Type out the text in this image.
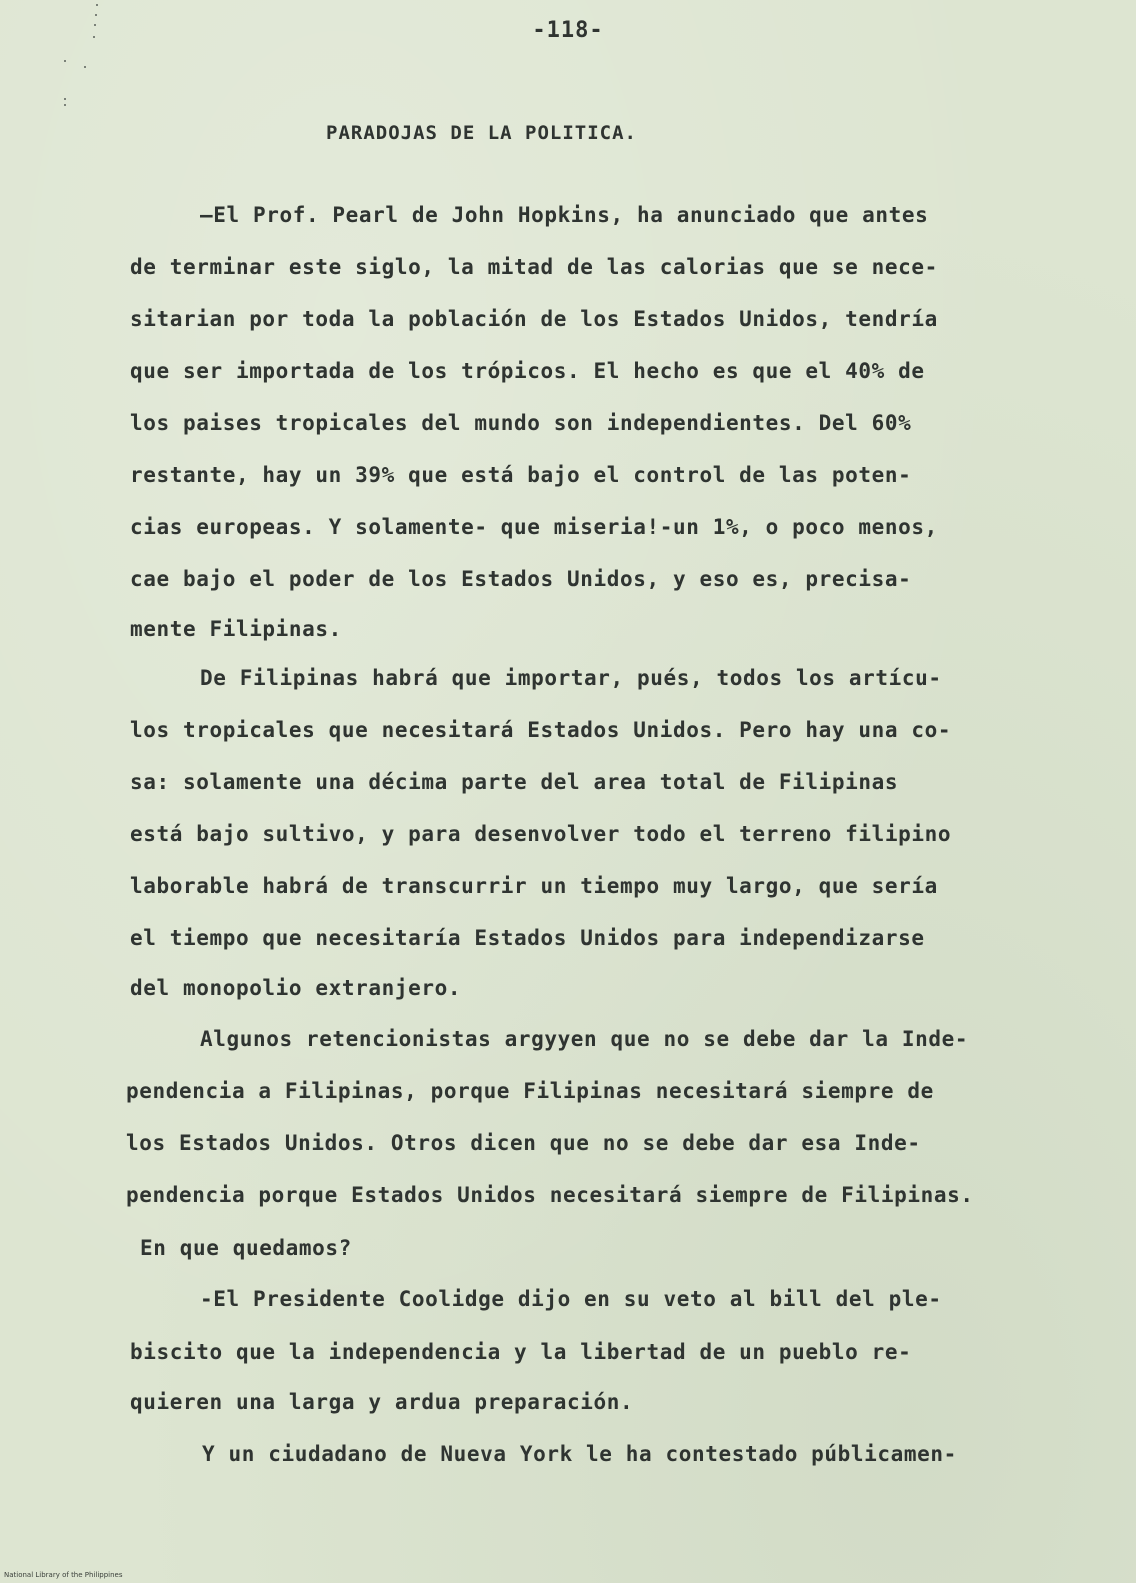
-118-
PARADOJAS DE LA POLITICA.
–El Prof. Pearl de John Hopkins, ha anunciado que antes
de terminar este siglo, la mitad de las calorias que se nece-
sitarian por toda la población de los Estados Unidos, tendría
que ser importada de los trópicos. El hecho es que el 40% de
los paises tropicales del mundo son independientes. Del 60%
restante, hay un 39% que está bajo el control de las poten-
cias europeas. Y solamente- que miseria!-un 1%, o poco menos,
cae bajo el poder de los Estados Unidos, y eso es, precisa-
mente Filipinas.
De Filipinas habrá que importar, pués, todos los artícu-
los tropicales que necesitará Estados Unidos. Pero hay una co-
sa: solamente una décima parte del area total de Filipinas
está bajo sultivo, y para desenvolver todo el terreno filipino
laborable habrá de transcurrir un tiempo muy largo, que sería
el tiempo que necesitaría Estados Unidos para independizarse
del monopolio extranjero.
Algunos retencionistas argyyen que no se debe dar la Inde-
pendencia a Filipinas, porque Filipinas necesitará siempre de
los Estados Unidos. Otros dicen que no se debe dar esa Inde-
pendencia porque Estados Unidos necesitará siempre de Filipinas.
En que quedamos?
-El Presidente Coolidge dijo en su veto al bill del ple-
biscito que la independencia y la libertad de un pueblo re-
quieren una larga y ardua preparación.
Y un ciudadano de Nueva York le ha contestado públicamen-
National Library of the Philippines
